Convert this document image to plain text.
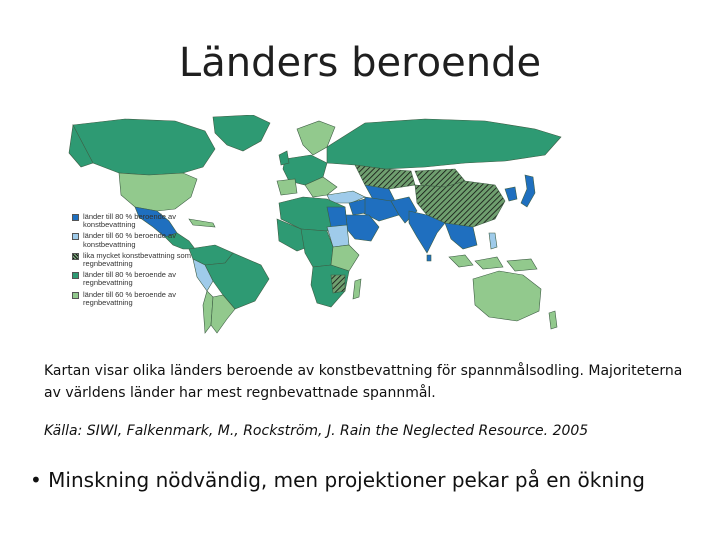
Länders beroende
länder till 80 % beroende av konstbevattning
länder till 60 % beroende av konstbevattning
lika mycket konstbevattning som regnbevattning
länder till 80 % beroende av regnbevattning
länder till 60 % beroende av regnbevattning
Kartan visar olika länders beroende av konstbevattning för spannmålsodling. Majoriteterna av världens länder har mest regnbevattnade spannmål.
Källa: SIWI, Falkenmark, M., Rockström, J. Rain the Neglected Resource. 2005
• Minskning nödvändig, men projektioner pekar på en ökning
